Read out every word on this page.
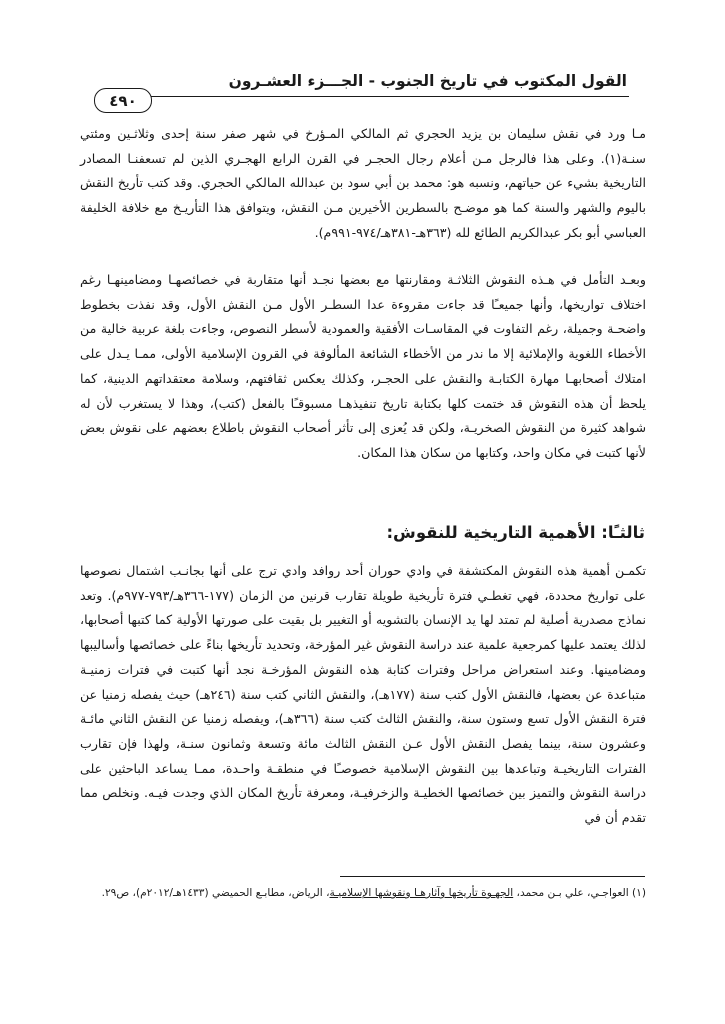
القول المكتوب في تاريخ الجنوب - الجـــزء العشـرون
٤٩٠

مـا ورد في نقش سليمان بن يزيد الحجري ثم المالكي المـؤرخ في شهر صفر سنة إحدى وثلاثـين ومئتي سنـة(١). وعلى هذا فالرجل مـن أعلام رجال الحجـر في القرن الرابع الهجـري الذين لم تسعفنـا المصادر التاريخية بشيء عن حياتهم، ونسبه هو: محمد بن أبي سود بن عبدالله المالكي الحجري. وقد كتب تأريخ النقش باليوم والشهر والسنة كما هو موضـح بالسطرين الأخيرين مـن النقش، ويتوافق هذا التأريـخ مع خلافة الخليفة العباسي أبو بكر عبدالكريم الطائع لله (٣٦٣هـ-٣٨١هـ/٩٧٤-٩٩١م).

وبعـد التأمل في هـذه النقوش الثلاثـة ومقارنتها مع بعضها نجـد أنها متقاربة في خصائصهـا ومضامينهـا رغم اختلاف تواريخها، وأنها جميعـًا قد جاءت مقروءة عدا السطـر الأول مـن النقش الأول، وقد نفذت بخطوط واضحـة وجميلة، رغم التفاوت في المقاسـات الأفقية والعمودية لأسطر النصوص، وجاءت بلغة عربية خالية من الأخطاء اللغوية والإملائية إلا ما ندر من الأخطاء الشائعة المألوفة في القرون الإسلامية الأولى، ممـا يـدل على امتلاك أصحابهـا مهارة الكتابـة والنقش على الحجـر، وكذلك يعكس ثقافتهم، وسلامة معتقداتهم الدينية، كما يلحظ أن هذه النقوش قد ختمت كلها بكتابة تاريخ تنفيذهـا مسبوقـًا بالفعل (كتب)، وهذا لا يستغرب لأن له شواهد كثيرة من النقوش الصخريـة، ولكن قد يُعزى إلى تأثر أصحاب النقوش باطلاع بعضهم على نقوش بعض لأنها كتبت في مكان واحد، وكتابها من سكان هذا المكان.

ثالثـًا: الأهمية التاريخية للنقوش:

تكمـن أهمية هذه النقوش المكتشفة في وادي حوران أحد روافد وادي ترج على أنها بجانـب اشتمال نصوصها على تواريخ محددة، فهي تغطـي فترة تأريخية طويلة تقارب قرنين من الزمان (١٧٧-٣٦٦هـ/٧٩٣-٩٧٧م). وتعد نماذج مصدرية أصلية لم تمتد لها يد الإنسان بالتشويه أو التغيير بل بقيت على صورتها الأولية كما كتبها أصحابها، لذلك يعتمد عليها كمرجعية علمية عند دراسة النقوش غير المؤرخة، وتحديد تأريخها بناءً على خصائصها وأساليبها ومضامينها. وعند استعراض مراحل وفترات كتابة هذه النقوش المؤرخـة نجد أنها كتبت في فترات زمنيـة متباعدة عن بعضها، فالنقش الأول كتب سنة (١٧٧هـ)، والنقش الثاني كتب سنة (٢٤٦هـ) حيث يفصله زمنيا عن فترة النقش الأول تسع وستون سنة، والنقش الثالث كتب سنة (٣٦٦هـ)، ويفصله زمنيا عن النقش الثاني مائـة وعشرون سنة، بينما يفصل النقش الأول عـن النقش الثالث مائة وتسعة وثمانون سنـة، ولهذا فإن تقارب الفترات التاريخيـة وتباعدها بين النقوش الإسلامية خصوصـًا في منطقـة واحـدة، ممـا يساعد الباحثين على دراسة النقوش والتميز بين خصائصها الخطيـة والزخرفيـة، ومعرفة تأريخ المكان الذي وجدت فيـه. ونخلص مما تقدم أن في

(١) العواجـي، علي بـن محمد، الجهـوة تأريخها وآثارهـا ونقوشها الإسلاميـة، الرياض، مطابـع الحميضي (١٤٣٣هـ/٢٠١٢م)، ص٢٩.
